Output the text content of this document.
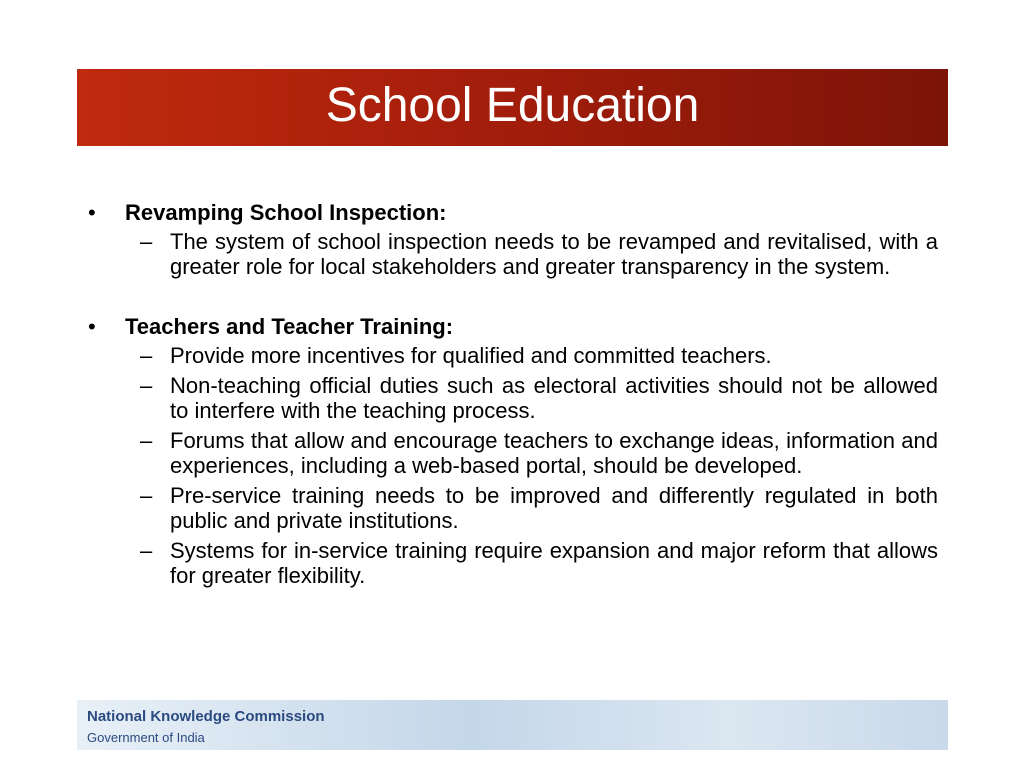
School Education
• Revamping School Inspection:
– The system of school inspection needs to be revamped and revitalised, with a greater role for local stakeholders and greater transparency in the system.
• Teachers and Teacher Training:
– Provide more incentives for qualified and committed teachers.
– Non-teaching official duties such as electoral activities should not be allowed to interfere with the teaching process.
– Forums that allow and encourage teachers to exchange ideas, information and experiences, including a web-based portal, should be developed.
– Pre-service training needs to be improved and differently regulated in both public and private institutions.
– Systems for in-service training require expansion and major reform that allows for greater flexibility.
National Knowledge Commission
Government of India
